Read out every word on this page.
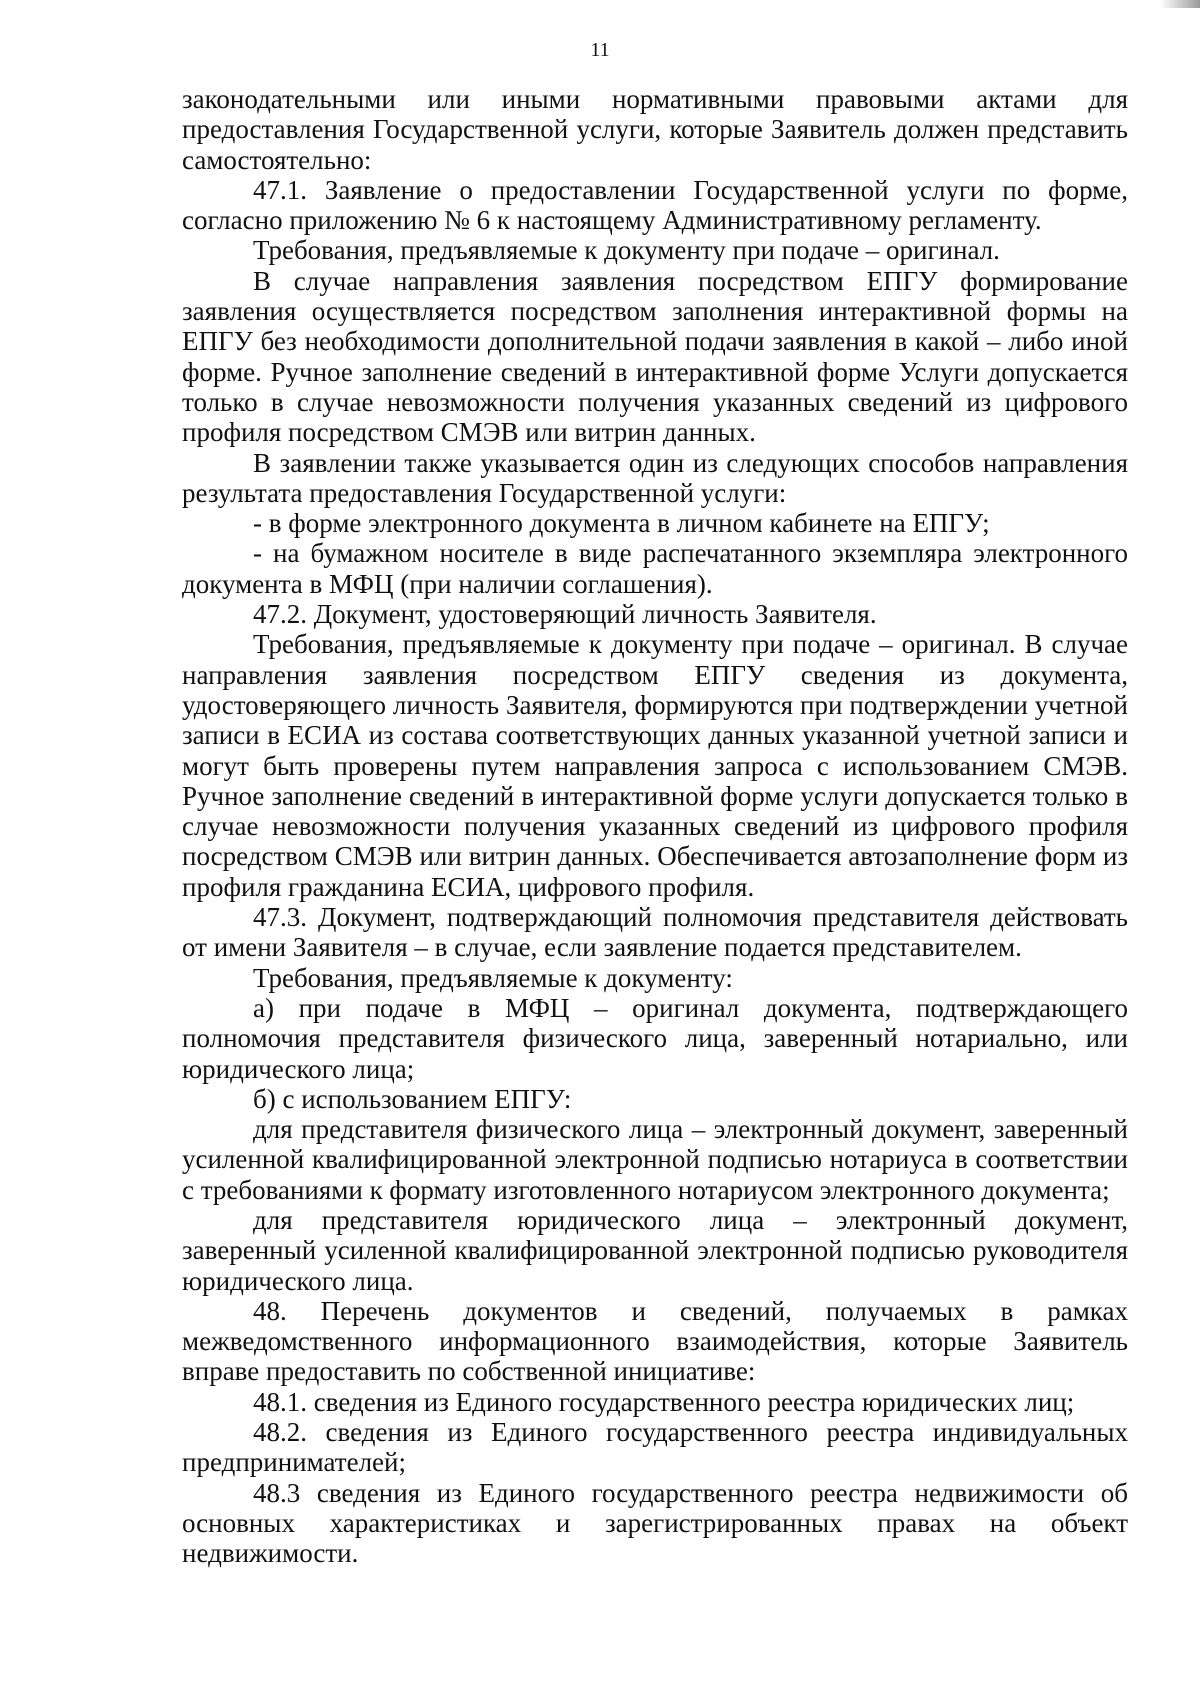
11

законодательными или иными нормативными правовыми актами для предоставления Государственной услуги, которые Заявитель должен представить самостоятельно:

47.1. Заявление о предоставлении Государственной услуги по форме, согласно приложению № 6 к настоящему Административному регламенту.

Требования, предъявляемые к документу при подаче – оригинал.

В случае направления заявления посредством ЕПГУ формирование заявления осуществляется посредством заполнения интерактивной формы на ЕПГУ без необходимости дополнительной подачи заявления в какой – либо иной форме. Ручное заполнение сведений в интерактивной форме Услуги допускается только в случае невозможности получения указанных сведений из цифрового профиля посредством СМЭВ или витрин данных.

В заявлении также указывается один из следующих способов направления результата предоставления Государственной услуги:

- в форме электронного документа в личном кабинете на ЕПГУ;

- на бумажном носителе в виде распечатанного экземпляра электронного документа в МФЦ (при наличии соглашения).

47.2. Документ, удостоверяющий личность Заявителя.

Требования, предъявляемые к документу при подаче – оригинал. В случае направления заявления посредством ЕПГУ сведения из документа, удостоверяющего личность Заявителя, формируются при подтверждении учетной записи в ЕСИА из состава соответствующих данных указанной учетной записи и могут быть проверены путем направления запроса с использованием СМЭВ. Ручное заполнение сведений в интерактивной форме услуги допускается только в случае невозможности получения указанных сведений из цифрового профиля посредством СМЭВ или витрин данных. Обеспечивается автозаполнение форм из профиля гражданина ЕСИА, цифрового профиля.

47.3. Документ, подтверждающий полномочия представителя действовать от имени Заявителя – в случае, если заявление подается представителем.

Требования, предъявляемые к документу:

а) при подаче в МФЦ – оригинал документа, подтверждающего полномочия представителя физического лица, заверенный нотариально, или юридического лица;

б) с использованием ЕПГУ:

для представителя физического лица – электронный документ, заверенный усиленной квалифицированной электронной подписью нотариуса в соответствии с требованиями к формату изготовленного нотариусом электронного документа;

для представителя юридического лица – электронный документ, заверенный усиленной квалифицированной электронной подписью руководителя юридического лица.

48. Перечень документов и сведений, получаемых в рамках межведомственного информационного взаимодействия, которые Заявитель вправе предоставить по собственной инициативе:

48.1. сведения из Единого государственного реестра юридических лиц;

48.2. сведения из Единого государственного реестра индивидуальных предпринимателей;

48.3 сведения из Единого государственного реестра недвижимости об основных характеристиках и зарегистрированных правах на объект недвижимости.
